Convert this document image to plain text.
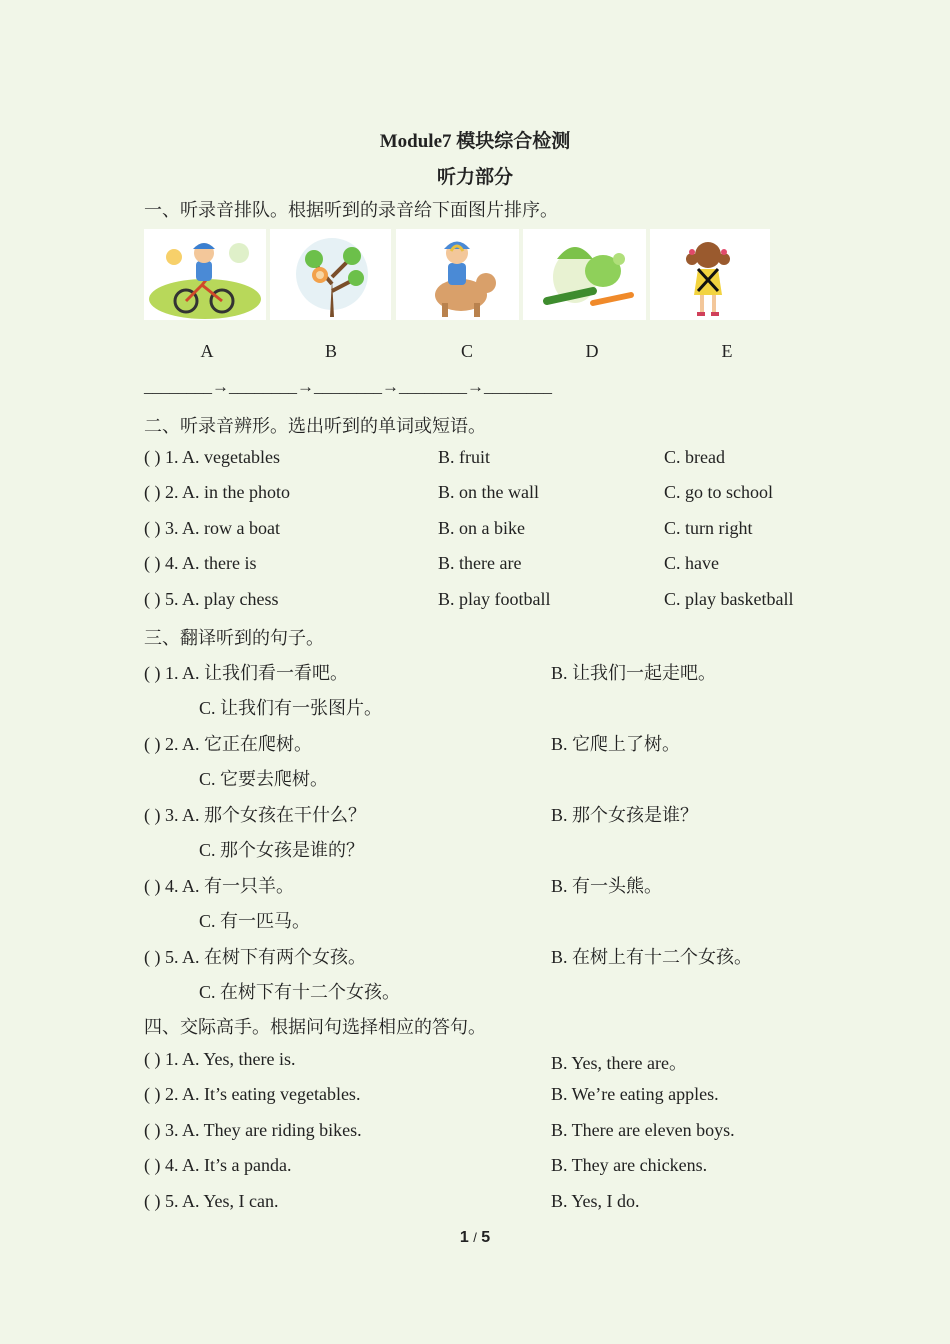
Module7 模块综合检测
听力部分
一、听录音排队。根据听到的录音给下面图片排序。
A	B	C	D	E
________→________→________→________→________
二、听录音辨形。选出听到的单词或短语。
( ) 1. A. vegetables	B. fruit	C. bread
( ) 2. A. in the photo	B. on the wall	C. go to school
( ) 3. A. row a boat	B. on a bike	C. turn right
( ) 4. A. there is	B. there are	C. have
( ) 5. A. play chess	B. play football	C. play basketball
三、翻译听到的句子。
( ) 1. A. 让我们看一看吧。	B. 让我们一起走吧。
C. 让我们有一张图片。
( ) 2. A. 它正在爬树。	B. 它爬上了树。
C. 它要去爬树。
( ) 3. A. 那个女孩在干什么？	B. 那个女孩是谁？
C. 那个女孩是谁的？
( ) 4. A. 有一只羊。	B. 有一头熊。
C. 有一匹马。
( ) 5. A. 在树下有两个女孩。	B. 在树上有十二个女孩。
C. 在树下有十二个女孩。
四、交际高手。根据问句选择相应的答句。
( ) 1. A. Yes, there is.	B. Yes, there are。
( ) 2. A. It’s eating vegetables.	B. We’re eating apples.
( ) 3. A. They are riding bikes.	B. There are eleven boys.
( ) 4. A. It’s a panda.	B. They are chickens.
( ) 5. A. Yes, I can.	B. Yes, I do.
1 / 5
